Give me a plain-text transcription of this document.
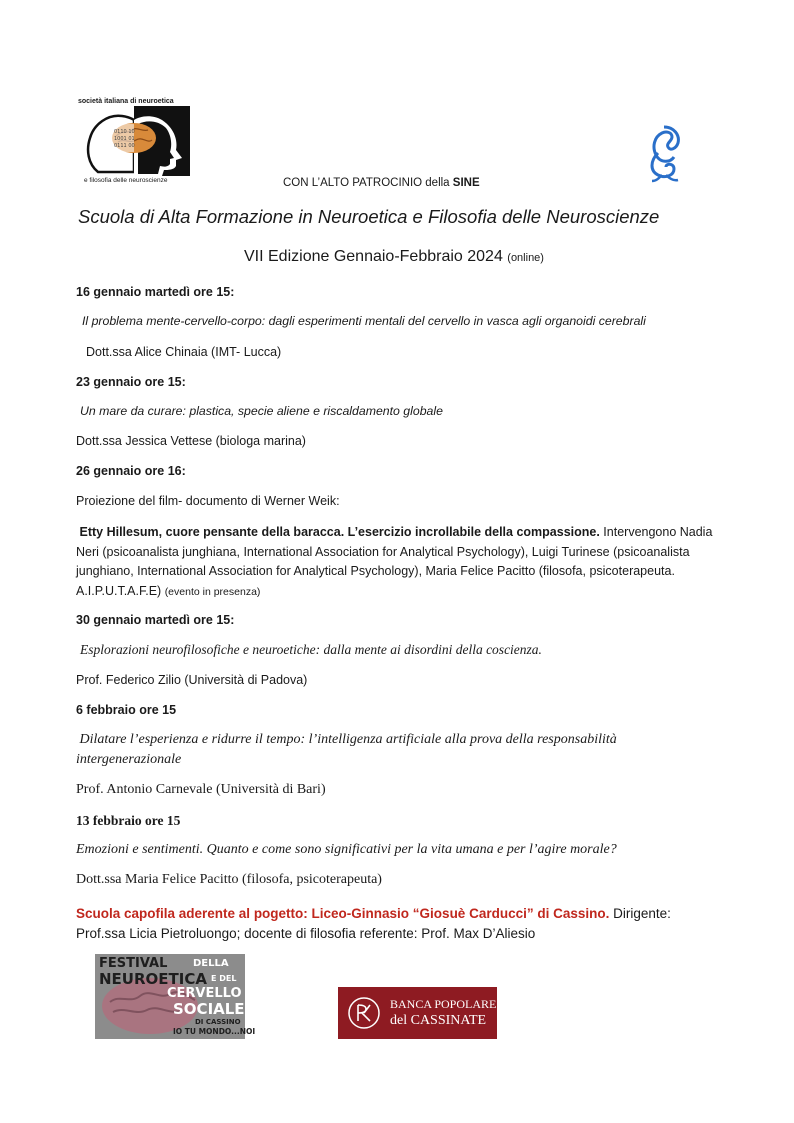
società italiana di neuroetica
0110 10
1001 01
0111 00
e filosofia delle neuroscienze	CON L’ALTO PATROCINIO della SINE
Scuola di Alta Formazione in Neuroetica e Filosofia delle Neuroscienze
VII Edizione Gennaio-Febbraio 2024 (online)
16 gennaio martedì ore 15:
Il problema mente-cervello-corpo: dagli esperimenti mentali del cervello in vasca agli organoidi cerebrali
Dott.ssa Alice Chinaia (IMT- Lucca)
23 gennaio ore 15:
Un mare da curare: plastica, specie aliene e riscaldamento globale
Dott.ssa Jessica Vettese (biologa marina)
26 gennaio ore 16:
Proiezione del film- documento di Werner Weik:
Etty Hillesum, cuore pensante della baracca. L’esercizio incrollabile della compassione. Intervengono Nadia Neri (psicoanalista junghiana, International Association for Analytical Psychology), Luigi Turinese (psicoanalista junghiano, International Association for Analytical Psychology), Maria Felice Pacitto (filosofa, psicoterapeuta. A.I.P.U.T.A.F.E) (evento in presenza)
30 gennaio martedì ore 15:
Esplorazioni neurofilosofiche e neuroetiche: dalla mente ai disordini della coscienza.
Prof. Federico Zilio (Università di Padova)
6 febbraio ore 15
Dilatare l’esperienza e ridurre il tempo: l’intelligenza artificiale alla prova della responsabilità intergenerazionale
Prof. Antonio Carnevale (Università di Bari)
13 febbraio ore 15
Emozioni e sentimenti. Quanto e come sono significativi per la vita umana e per l’agire morale?
Dott.ssa Maria Felice Pacitto (filosofa, psicoterapeuta)
Scuola capofila aderente al pogetto: Liceo-Ginnasio “Giosuè Carducci” di Cassino. Dirigente: Prof.ssa Licia Pietroluongo; docente di filosofia referente: Prof. Max D’Aliesio
FESTIVAL	DELLA
NEUROETICA E DEL
CERVELLO
SOCIALE
DI CASSINO
IO TU MONDO...NOI
BANCA POPOLARE
del CASSINATE
